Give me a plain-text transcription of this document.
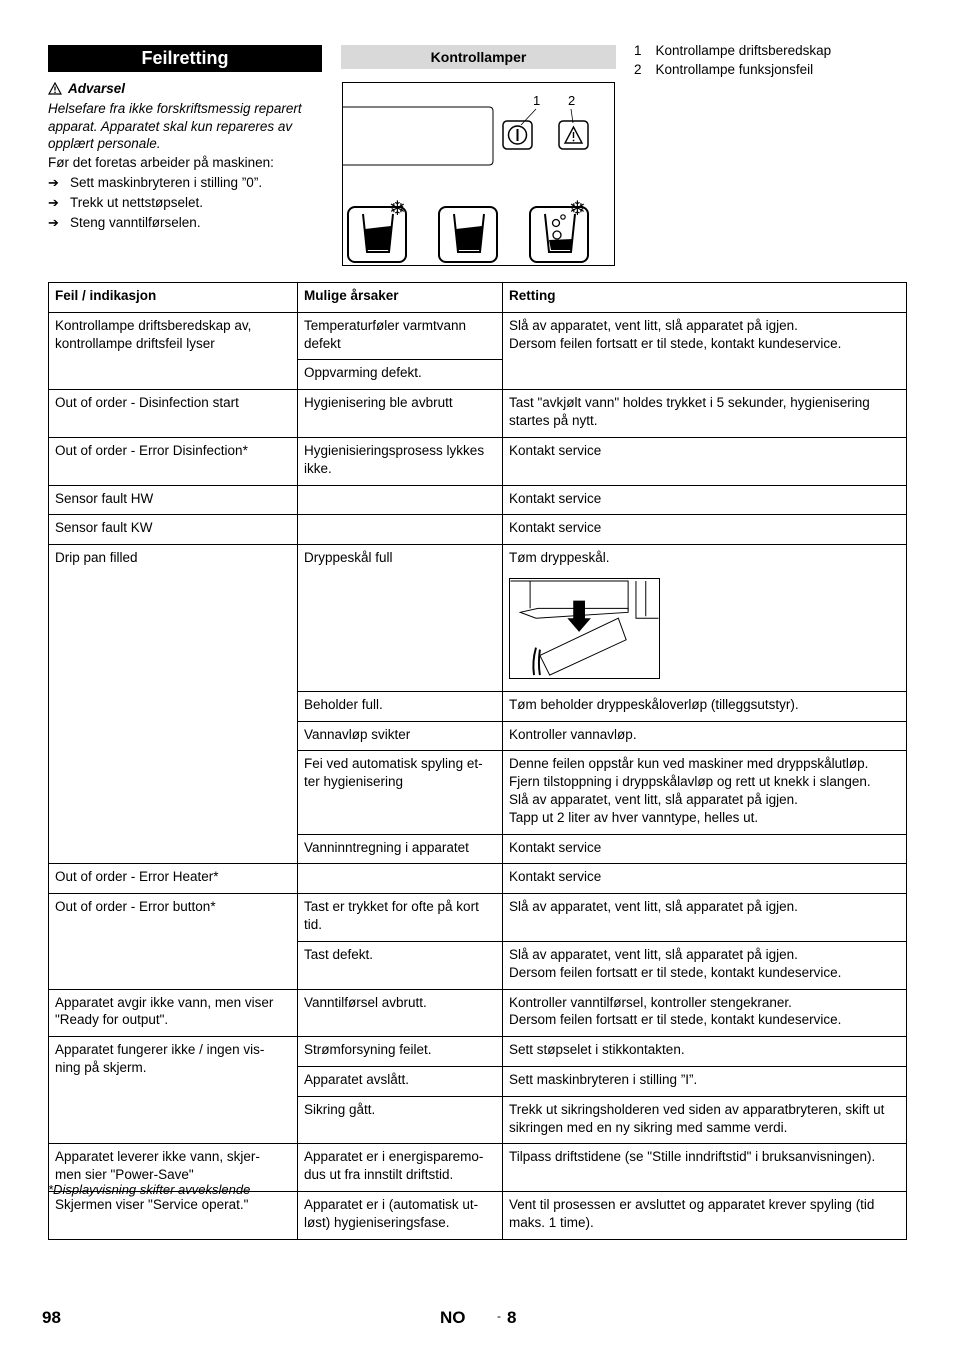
Feilretting
Advarsel
Helsefare fra ikke forskriftsmessig reparert apparat. Apparatet skal kun repareres av opplært personale.
Før det foretas arbeider på maskinen:
➔ Sett maskinbryteren i stilling ”0”.
➔ Trekk ut nettstøpselet.
➔ Steng vanntilførselen.
Kontrollamper
1 2
❄	❄
1 Kontrollampe driftsberedskap
2 Kontrollampe funksjonsfeil
Feil / indikasjon	Mulige årsaker	Retting

Kontrollampe driftsberedskap av, kontrollampe driftsfeil lyser	Temperaturføler varmtvann defekt	Slå av apparatet, vent litt, slå apparatet på igjen.
Dersom feilen fortsatt er til stede, kontakt kundeservice.

	Oppvarming defekt.	

Out of order - Disinfection start	Hygienisering ble avbrutt	Tast "avkjølt vann" holdes trykket i 5 sekunder, hygienisering startes på nytt.

Out of order - Error Disinfection*	Hygienisieringsprosess lykkes ikke.	Kontakt service

Sensor fault HW		Kontakt service

Sensor fault KW		Kontakt service

Drip pan filled	Dryppeskål full	Tøm dryppeskål.

	Beholder full.	Tøm beholder dryppeskåloverløp (tilleggsutstyr).

	Vannavløp svikter	Kontroller vannavløp.

	Fei ved automatisk spyling et-
ter hygienisering	Denne feilen oppstår kun ved maskiner med dryppskålutløp.
Fjern tilstoppning i dryppskålavløp og rett ut knekk i slangen.
Slå av apparatet, vent litt, slå apparatet på igjen.
Tapp ut 2 liter av hver vanntype, helles ut.

	Vanninntregning i apparatet	Kontakt service

Out of order - Error Heater*		Kontakt service

Out of order - Error button*	Tast er trykket for ofte på kort tid.	Slå av apparatet, vent litt, slå apparatet på igjen.

	Tast defekt.	Slå av apparatet, vent litt, slå apparatet på igjen.
Dersom feilen fortsatt er til stede, kontakt kundeservice.

Apparatet avgir ikke vann, men viser "Ready for output".	Vanntilførsel avbrutt.	Kontroller vanntilførsel, kontroller stengekraner.
Dersom feilen fortsatt er til stede, kontakt kundeservice.

Apparatet fungerer ikke / ingen vis-
ning på skjerm.	Strømforsyning feilet.	Sett støpselet i stikkontakten.

	Apparatet avslått.	Sett maskinbryteren i stilling ”I”.

	Sikring gått.	Trekk ut sikringsholderen ved siden av apparatbryteren, skift ut sikringen med en ny sikring med samme verdi.

Apparatet leverer ikke vann, skjer-
men sier "Power-Save"	Apparatet er i energisparemo-
dus ut fra innstilt driftstid.	Tilpass driftstidene (se "Stille inndriftstid" i bruksanvisningen).

Skjermen viser "Service operat."	Apparatet er i (automatisk ut-
løst) hygieniseringsfase.	Vent til prosessen er avsluttet og apparatet krever spyling (tid maks. 1 time).
*Displayvisning skifter avvekslende
98	NO	- 8
